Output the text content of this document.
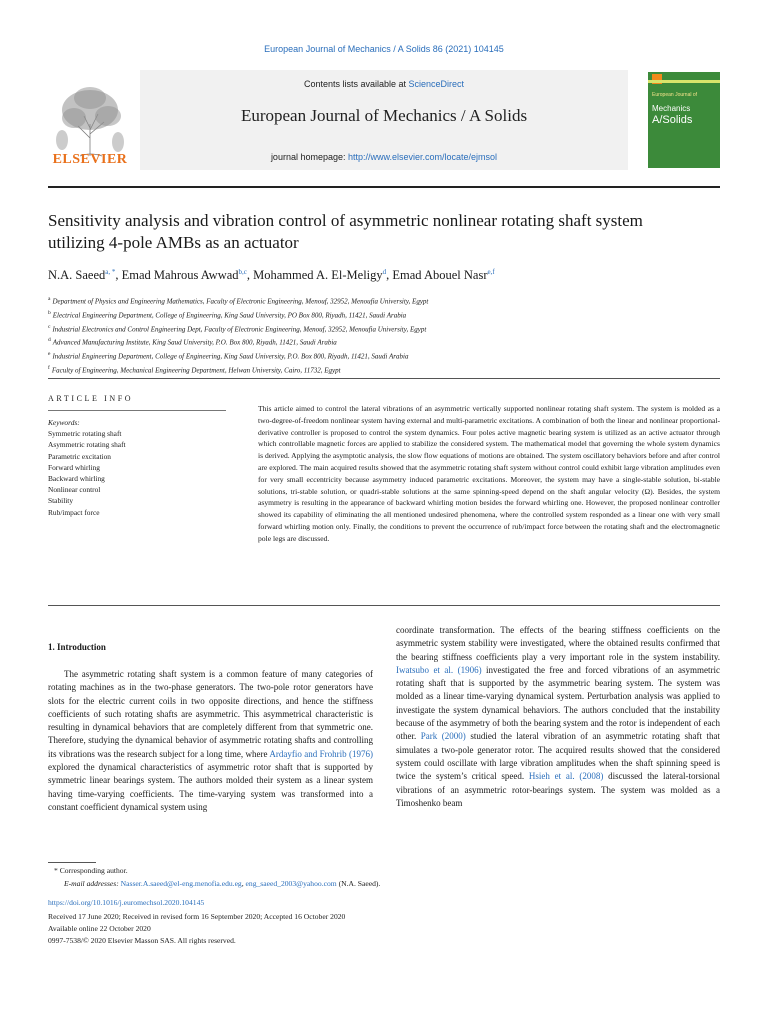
European Journal of Mechanics / A Solids 86 (2021) 104145
ELSEVIER
Contents lists available at ScienceDirect
European Journal of Mechanics / A Solids
journal homepage: http://www.elsevier.com/locate/ejmsol
European Journal of
Mechanics
A/Solids
Sensitivity analysis and vibration control of asymmetric nonlinear rotating shaft system utilizing 4-pole AMBs as an actuator
N.A. Saeed$^{a, *}$, Emad Mahrous Awwad$^{b,c}$, Mohammed A. El-Meligy$^d$, Emad Abouel Nasr$^{e,f}$
$^a$ Department of Physics and Engineering Mathematics, Faculty of Electronic Engineering, Menouf, 32952, Menoufia University, Egypt
$^b$ Electrical Engineering Department, College of Engineering, King Saud University, PO Box 800, Riyadh, 11421, Saudi Arabia
$^c$ Industrial Electronics and Control Engineering Dept, Faculty of Electronic Engineering, Menouf, 32952, Menoufia University, Egypt
$^d$ Advanced Manufacturing Institute, King Saud University, P.O. Box 800, Riyadh, 11421, Saudi Arabia
$^e$ Industrial Engineering Department, College of Engineering, King Saud University, P.O. Box 800, Riyadh, 11421, Saudi Arabia
$^f$ Faculty of Engineering, Mechanical Engineering Department, Helwan University, Cairo, 11732, Egypt
ARTICLE INFO
Keywords:
Symmetric rotating shaft
Asymmetric rotating shaft
Parametric excitation
Forward whirling
Backward whirling
Nonlinear control
Stability
Rub/impact force
This article aimed to control the lateral vibrations of an asymmetric vertically supported nonlinear rotating shaft system. The system is molded as a two-degree-of-freedom nonlinear system having external and multi-parametric excitations. A combination of both the linear and nonlinear proportional-derivative controller is proposed to control the system dynamics. Four poles active magnetic bearing system is utilized as an active actuator through which controllable magnetic forces are applied to stabilize the considered system. The mathematical model that governing the whole system dynamics is derived. Applying the asymptotic analysis, the slow flow equations of motions are obtained. The system oscillatory behaviors before and after control are explored. The main acquired results showed that the asymmetric rotating shaft system without control could exhibit large vibration amplitudes even for very small eccentricity because asymmetry induced parametric excitations. Moreover, the system may have a single-stable solution, bi-stable solutions, tri-stable solution, or quadri-stable solutions at the same spinning-speed depend on the shaft angular velocity (Ω). Besides, the system asymmetry is resulting in the appearance of backward whirling motion besides the forward whirling one. However, the proposed nonlinear controller showed its capability of eliminating the all mentioned undesired phenomena, where the controlled system responded as a linear one with very small forward whirling motion only. Finally, the conditions to prevent the occurrence of rub/impact force between the rotating shaft and the electromagnetic pole legs are discussed.
1. Introduction

The asymmetric rotating shaft system is a common feature of many categories of rotating machines as in the two-phase generators. The two-pole rotor generators have slots for the electric current coils in two opposite directions, and hence the stiffness coefficients of such rotating shafts are asymmetric. This asymmetrical characteristic is resulting in dynamical behaviors that are completely different from that symmetric one. Therefore, studying the dynamical behavior of asymmetric rotating shafts and controlling its vibrations was the research subject for a long time, where Ardayfio and Frohrib (1976) explored the dynamical characteristics of asymmetric rotor shaft that is supported by symmetric linear bearings system. The authors molded their system as a linear system having time-varying coefficients. The time-varying system was transformed into a constant coefficient dynamical system using

coordinate transformation. The effects of the bearing stiffness coefficients on the asymmetric system stability were investigated, where the obtained results confirmed that the bearing stiffness coefficients play a very important role in the system instability. Iwatsubo et al. (1906) investigated the free and forced vibrations of an asymmetric rotating shaft that is supported by the asymmetric bearing system. The system was molded as a linear time-varying dynamical system. Perturbation analysis was applied to investigate the system dynamical behaviors. The authors concluded that the instability because of the asymmetry of both the bearing system and the rotor is independent of each other. Park (2000) studied the lateral vibration of an asymmetric rotating shaft that simulates a two-pole generator rotor. The acquired results showed that the considered system could oscillate with large vibration amplitudes when the shaft spinning speed is twice the system’s critical speed. Hsieh et al. (2008) discussed the lateral-torsional vibrations of an asymmetric rotor-bearings system. The system was molded as a Timoshenko beam
* Corresponding author.
E-mail addresses: Nasser.A.saeed@el-eng.menofia.edu.eg, eng_saeed_2003@yahoo.com (N.A. Saeed).
https://doi.org/10.1016/j.euromechsol.2020.104145
Received 17 June 2020; Received in revised form 16 September 2020; Accepted 16 October 2020
Available online 22 October 2020
0997-7538/© 2020 Elsevier Masson SAS. All rights reserved.
